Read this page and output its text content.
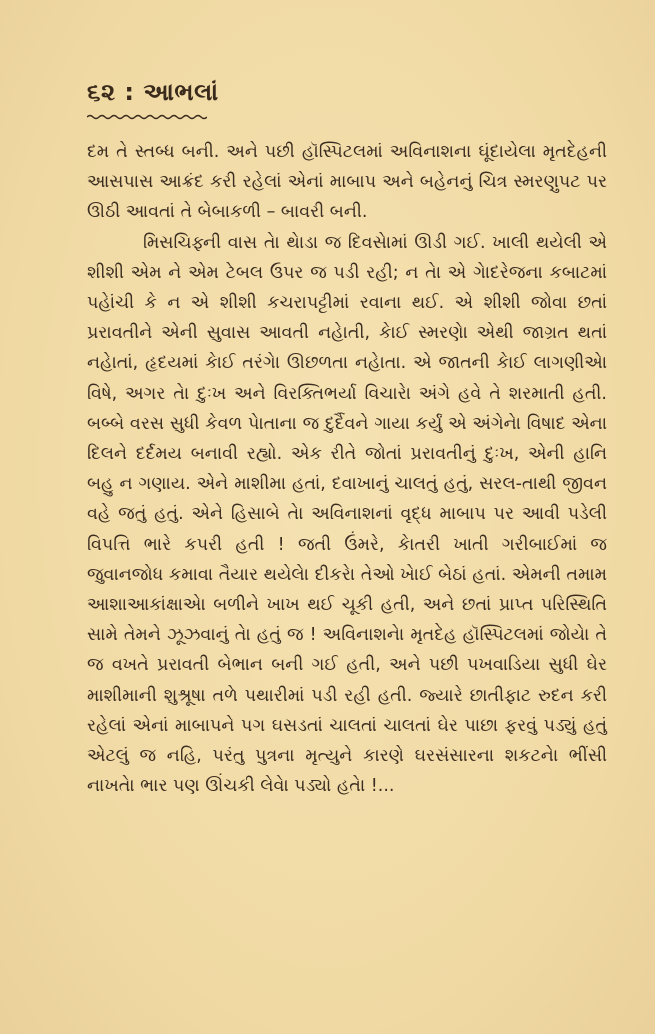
૬૨ : આભલાં

દમ તે સ્તબ્ધ બની. અને પછી હૉસ્પિટલમાં અવિનાશના ઘૂંદાયેલા મૃતદેહની આસપાસ આક્રંદ કરી રહેલાં એનાં માબાપ અને બહેનનું ચિત્ર સ્મરણુપટ પર ઊઠી આવતાં તે બેબાકળી – બાવરી બની.

મિસચિફ્ની વાસ તેા થેાડા જ દિવસેામાં ઊડી ગઈ. ખાલી થયેલી એ શીશી એમ ને એમ ટેબલ ઉપર જ પડી રહી; ન તેા એ ગેાદરેજના કબાટમાં પહેાંચી કે ન એ શીશી કચરાપટ્ટીમાં રવાના થઈ. એ શીશી જોવા છતાં પ્રરાવતીને એની સુવાસ આવતી નહેાતી, કેાઈ સ્મરણેા એથી જાગ્રત થતાં નહેાતાં, હૃદયમાં કેાઈ તરંગેા ઊછળતા નહેાતા. એ જાતની કેાઈ લાગણીએા વિષે, અગર તેા દુઃખ અને વિરક્તિભર્યા વિચારેા અંગે હવે તે શરમાતી હતી. બબ્બે વરસ સુધી કેવળ પેાતાના જ દુર્દૈવને ગાયા કર્યું એ અંગેનેા વિષાદ એના દિલને દર્દમય બનાવી રહ્યો. એક રીતે જોતાં પ્રરાવતીનું દુઃખ, એની હાનિ બહુ ન ગણાય. એને માશીમા હતાં, દવાખાનું ચાલતું હતું, સરલ-તાથી જીવન વહે જતું હતું. એને હિસાબે તેા અવિનાશનાં વૃદ્ધ માબાપ પર આવી પડેલી વિપત્તિ ભારે કપરી હતી ! જતી ઉંમરે, કેાતરી ખાતી ગરીબાઈમાં જ જુવાનજોધ કમાવા તૈયાર થયેલેા દીકરેા તેઓ ખેાઈ બેઠાં હતાં. એમની તમામ આશાઆકાંક્ષાએા બળીને ખાખ થઈ ચૂકી હતી, અને છતાં પ્રાપ્ત પરિસ્થિતિ સામે તેમને ઝૂઝવાનું તેા હતું જ ! અવિનાશનેા મૃતદેહ હૉસ્પિટલમાં જોયેા તે જ વખતે પ્રરાવતી બેભાન બની ગઈ હતી, અને પછી પખવાડિયા સુધી ઘેર માશીમાની શુશ્રૂષા તળે પથારીમાં પડી રહી હતી. જ્યારે છાતીફાટ રુદન કરી રહેલાં એનાં માબાપને પગ ઘસડતાં ચાલતાં ચાલતાં ઘેર પાછા ફરવું પડ્યું હતું એટલું જ નહિ, પરંતુ પુત્રના મૃત્યુને કારણે ઘરસંસારના શકટનેા ભીંસી નાખતેા ભાર પણ ઊંચકી લેવેા પડ્યો હતેા !...
